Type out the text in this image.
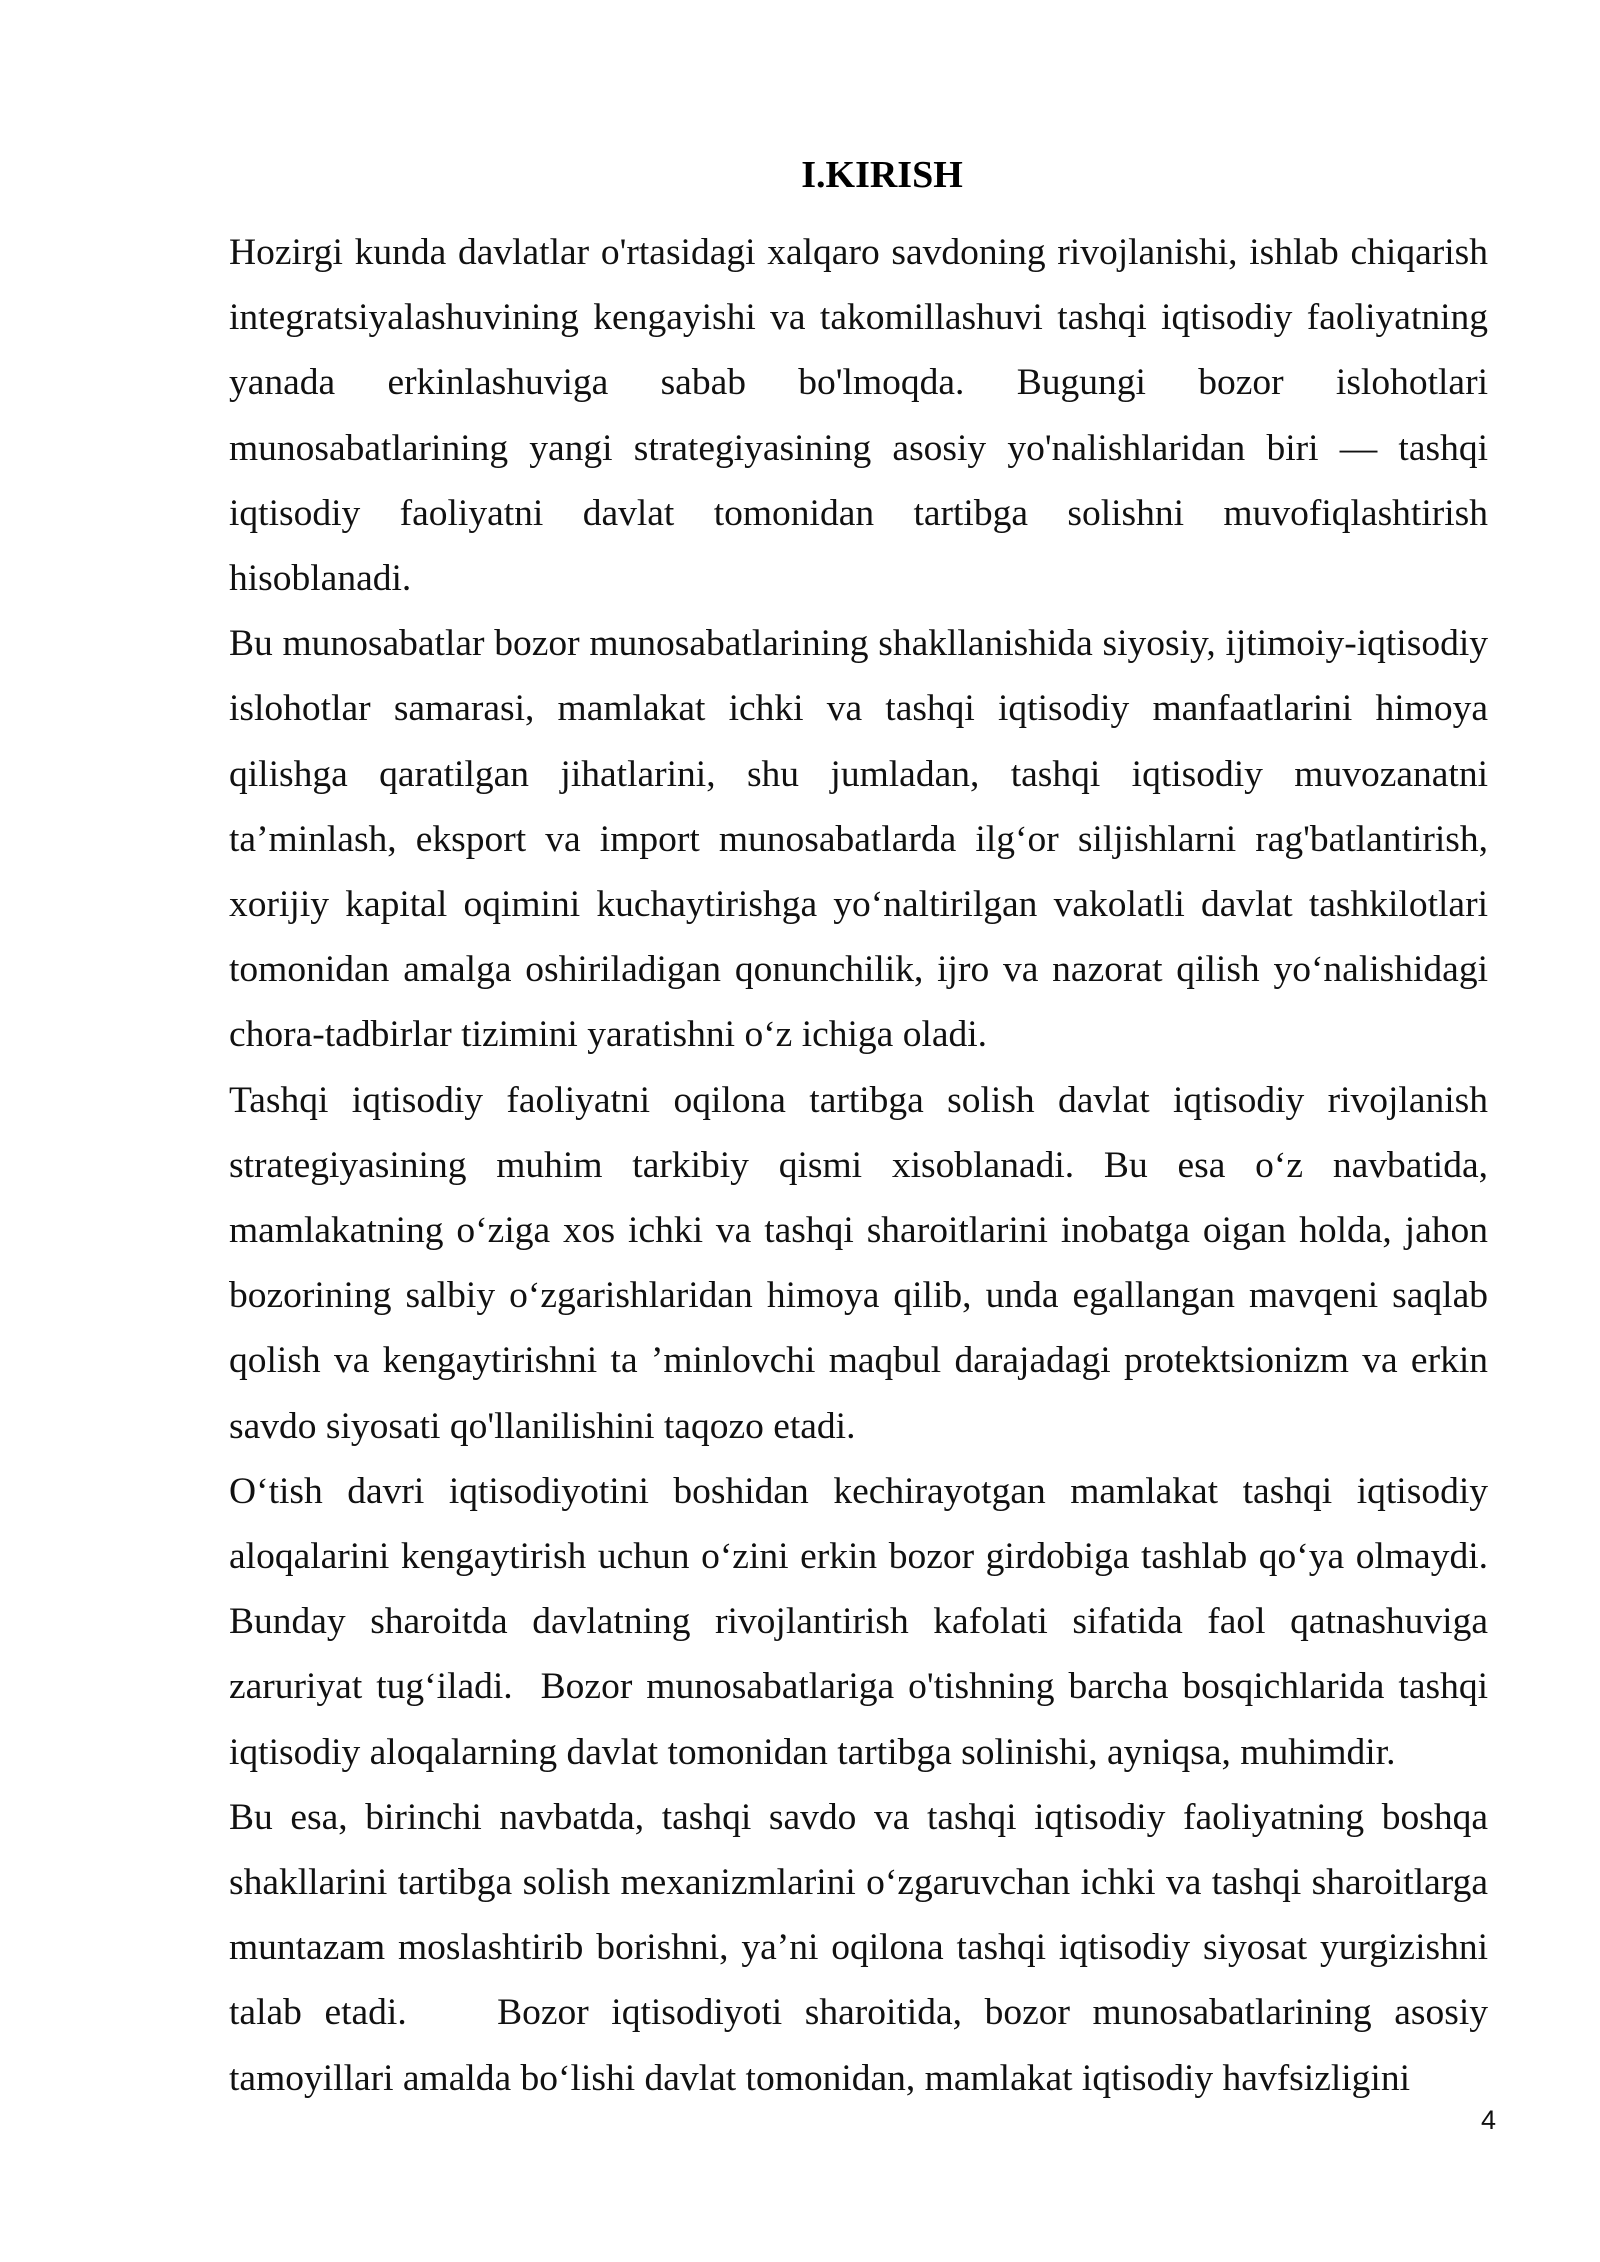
I.KIRISH

Hozirgi kunda davlatlar o'rtasidagi xalqaro savdoning rivojlanishi, ishlab chiqarish integratsiyalashuvining kengayishi va takomillashuvi tashqi iqtisodiy faoliyatning yanada erkinlashuviga sabab bo'lmoqda. Bugungi bozor islohotlari munosabatlarining yangi strategiyasining asosiy yo'nalishlaridan biri — tashqi iqtisodiy faoliyatni davlat tomonidan tartibga solishni muvofiqlashtirish hisoblanadi.

Bu munosabatlar bozor munosabatlarining shakllanishida siyosiy, ijtimoiy-iqtisodiy islohotlar samarasi, mamlakat ichki va tashqi iqtisodiy manfaatlarini himoya qilishga qaratilgan jihatlarini, shu jumladan, tashqi iqtisodiy muvozanatni ta’minlash, eksport va import munosabatlarda ilg‘or siljishlarni rag'batlantirish, xorijiy kapital oqimini kuchaytirishga yo‘naltirilgan vakolatli davlat tashkilotlari tomonidan amalga oshiriladigan qonunchilik, ijro va nazorat qilish yo‘nalishidagi chora-tadbirlar tizimini yaratishni o‘z ichiga oladi.

Tashqi iqtisodiy faoliyatni oqilona tartibga solish davlat iqtisodiy rivojlanish strategiyasining muhim tarkibiy qismi xisoblanadi. Bu esa o‘z navbatida, mamlakatning o‘ziga xos ichki va tashqi sharoitlarini inobatga oigan holda, jahon bozorining salbiy o‘zgarishlaridan himoya qilib, unda egallangan mavqeni saqlab qolish va kengaytirishni ta ’minlovchi maqbul darajadagi protektsionizm va erkin savdo siyosati qo'llanilishini taqozo etadi.

O‘tish davri iqtisodiyotini boshidan kechirayotgan mamlakat tashqi iqtisodiy aloqalarini kengaytirish uchun o‘zini erkin bozor girdobiga tashlab qo‘ya olmaydi. Bunday sharoitda davlatning rivojlantirish kafolati sifatida faol qatnashuviga zaruriyat tug‘iladi.  Bozor munosabatlariga o'tishning barcha bosqichlarida tashqi iqtisodiy aloqalarning davlat tomonidan tartibga solinishi, ayniqsa, muhimdir.

Bu esa, birinchi navbatda, tashqi savdo va tashqi iqtisodiy faoliyatning boshqa shakllarini tartibga solish mexanizmlarini o‘zgaruvchan ichki va tashqi sharoitlarga muntazam moslashtirib borishni, ya’ni oqilona tashqi iqtisodiy siyosat yurgizishni talab etadi.    Bozor iqtisodiyoti sharoitida, bozor munosabatlarining asosiy tamoyillari amalda bo‘lishi davlat tomonidan, mamlakat iqtisodiy havfsizligini

4
